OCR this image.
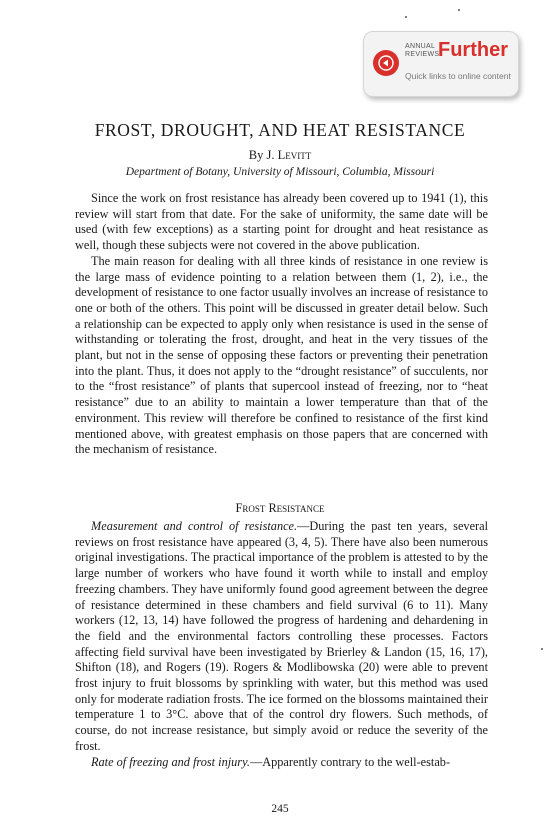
ANNUAL
REVIEWS
Further
Quick links to online content
FROST, DROUGHT, AND HEAT RESISTANCE
By J. Levitt
Department of Botany, University of Missouri, Columbia, Missouri

Since the work on frost resistance has already been covered up to 1941 (1), this review will start from that date. For the sake of uniformity, the same date will be used (with few exceptions) as a starting point for drought and heat resistance as well, though these subjects were not covered in the above publication.

The main reason for dealing with all three kinds of resistance in one review is the large mass of evidence pointing to a relation between them (1, 2), i.e., the development of resistance to one factor usually involves an increase of resistance to one or both of the others. This point will be discussed in greater detail below. Such a relationship can be expected to apply only when resistance is used in the sense of withstanding or tolerating the frost, drought, and heat in the very tissues of the plant, but not in the sense of opposing these factors or preventing their penetration into the plant. Thus, it does not apply to the “drought resistance” of succulents, nor to the “frost resistance” of plants that supercool instead of freezing, nor to “heat resistance” due to an ability to maintain a lower temperature than that of the environment. This review will therefore be confined to resistance of the first kind mentioned above, with greatest emphasis on those papers that are concerned with the mechanism of resistance.

Frost Resistance

Measurement and control of resistance.—During the past ten years, several reviews on frost resistance have appeared (3, 4, 5). There have also been numerous original investigations. The practical importance of the problem is attested to by the large number of workers who have found it worth while to install and employ freezing chambers. They have uniformly found good agreement between the degree of resistance determined in these chambers and field survival (6 to 11). Many workers (12, 13, 14) have followed the progress of hardening and dehardening in the field and the environmental factors controlling these processes. Factors affecting field survival have been investigated by Brierley & Landon (15, 16, 17), Shifton (18), and Rogers (19). Rogers & Modlibowska (20) were able to prevent frost injury to fruit blossoms by sprinkling with water, but this method was used only for moderate radiation frosts. The ice formed on the blossoms maintained their temperature 1 to 3°C. above that of the control dry flowers. Such methods, of course, do not increase resistance, but simply avoid or reduce the severity of the frost.

Rate of freezing and frost injury.—Apparently contrary to the well-estab-

245
